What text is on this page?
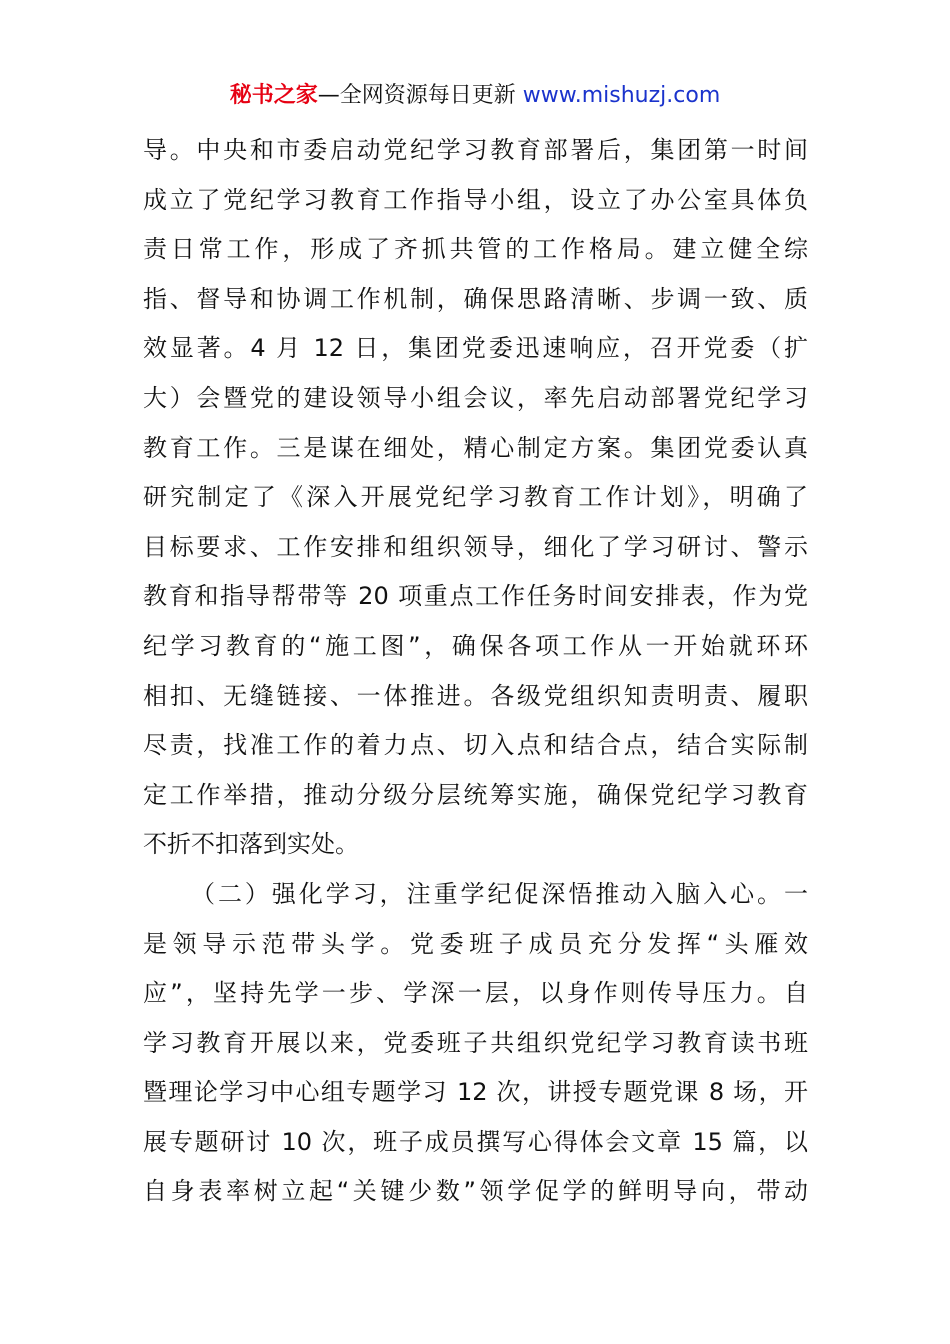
秘书之家—全网资源每日更新 www.mishuzj.com
导。中央和市委启动党纪学习教育部署后，集团第一时间
成立了党纪学习教育工作指导小组，设立了办公室具体负
责日常工作，形成了齐抓共管的工作格局。建立健全综
指、督导和协调工作机制，确保思路清晰、步调一致、质
效显著。4 月 12 日，集团党委迅速响应，召开党委（扩
大）会暨党的建设领导小组会议，率先启动部署党纪学习
教育工作。三是谋在细处，精心制定方案。集团党委认真
研究制定了《深入开展党纪学习教育工作计划》，明确了
目标要求、工作安排和组织领导，细化了学习研讨、警示
教育和指导帮带等 20 项重点工作任务时间安排表，作为党
纪学习教育的“施工图”，确保各项工作从一开始就环环
相扣、无缝链接、一体推进。各级党组织知责明责、履职
尽责，找准工作的着力点、切入点和结合点，结合实际制
定工作举措，推动分级分层统筹实施，确保党纪学习教育
不折不扣落到实处。
（二）强化学习，注重学纪促深悟推动入脑入心。一
是领导示范带头学。党委班子成员充分发挥“头雁效
应”，坚持先学一步、学深一层，以身作则传导压力。自
学习教育开展以来，党委班子共组织党纪学习教育读书班
暨理论学习中心组专题学习 12 次，讲授专题党课 8 场，开
展专题研讨 10 次，班子成员撰写心得体会文章 15 篇，以
自身表率树立起“关键少数”领学促学的鲜明导向，带动
